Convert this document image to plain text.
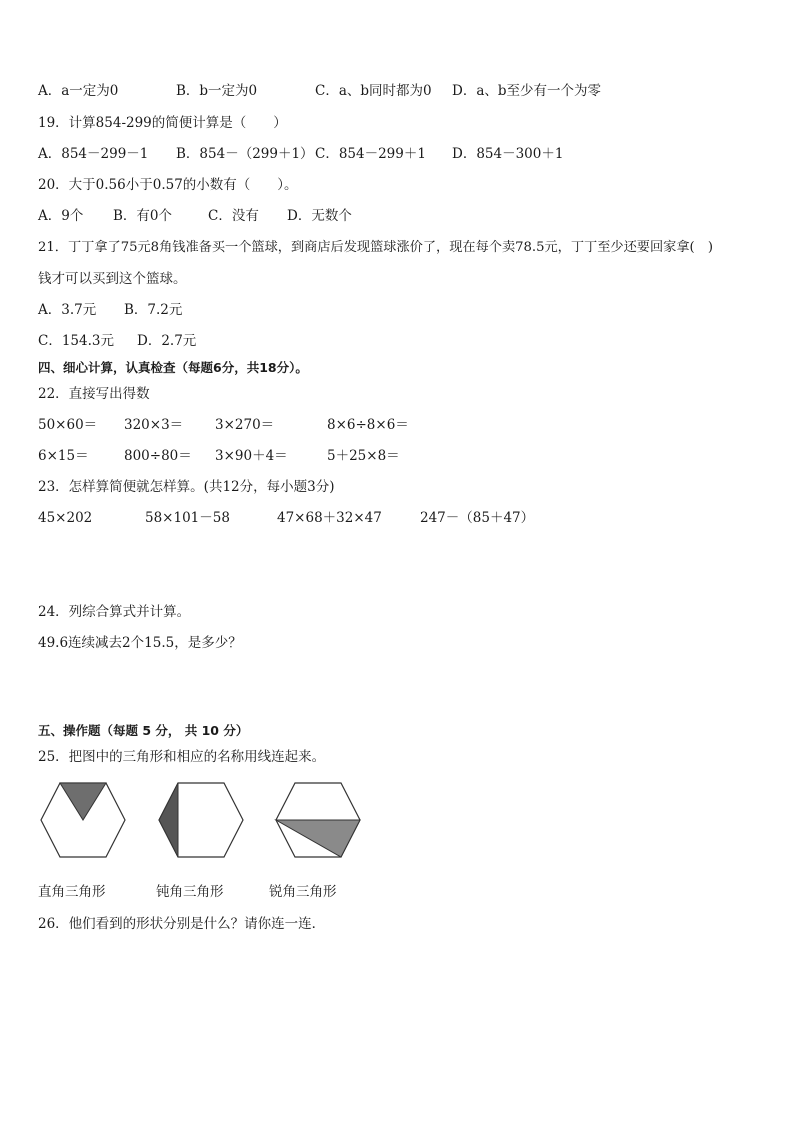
A．a一定为0	B．b一定为0	C．a、b同时都为0 D．a、b至少有一个为零
19．计算854-299的简便计算是（　　）
A．854－299－1 B．854－（299＋1） C．854－299＋1 D．854－300＋1
20．大于0.56小于0.57的小数有（　　）。
A．9个 B．有0个	C．没有 D．无数个
21．丁丁拿了75元8角钱准备买一个篮球，到商店后发现篮球涨价了，现在每个卖78.5元，丁丁至少还要回家拿(　)
钱才可以买到这个篮球。
A．3.7元 B．7.2元
C．154.3元 D．2.7元
四、细心计算，认真检查（每题6分，共18分）。
22．直接写出得数
50×60＝ 320×3＝ 3×270＝	8×6÷8×6＝
6×15＝	800÷80＝ 3×90＋4＝	5＋25×8＝
23．怎样算简便就怎样算。(共12分，每小题3分)
45×202	58×101－58	47×68＋32×47	247－（85＋47）
24．列综合算式并计算。
49.6连续减去2个15.5，是多少？
五、操作题（每题 5 分， 共 10 分）
25．把图中的三角形和相应的名称用线连起来。
直角三角形	钝角三角形	锐角三角形
26．他们看到的形状分别是什么？请你连一连．
